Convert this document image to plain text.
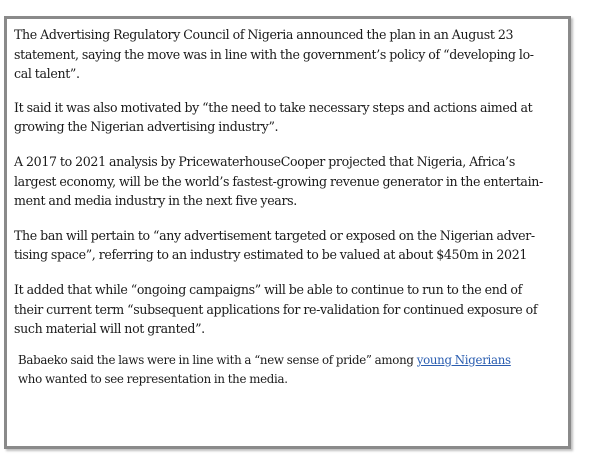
The Advertising Regulatory Council of Nigeria announced the plan in an August 23
statement, saying the move was in line with the government’s policy of “developing lo-
cal talent”.

It said it was also motivated by “the need to take necessary steps and actions aimed at
growing the Nigerian advertising industry”.

A 2017 to 2021 analysis by PricewaterhouseCooper projected that Nigeria, Africa’s
largest economy, will be the world’s fastest-growing revenue generator in the entertain-
ment and media industry in the next five years.

The ban will pertain to “any advertisement targeted or exposed on the Nigerian adver-
tising space”, referring to an industry estimated to be valued at about $450m in 2021

It added that while “ongoing campaigns” will be able to continue to run to the end of
their current term “subsequent applications for re-validation for continued exposure of
such material will not granted”.

Babaeko said the laws were in line with a “new sense of pride” among young Nigerians
who wanted to see representation in the media.
